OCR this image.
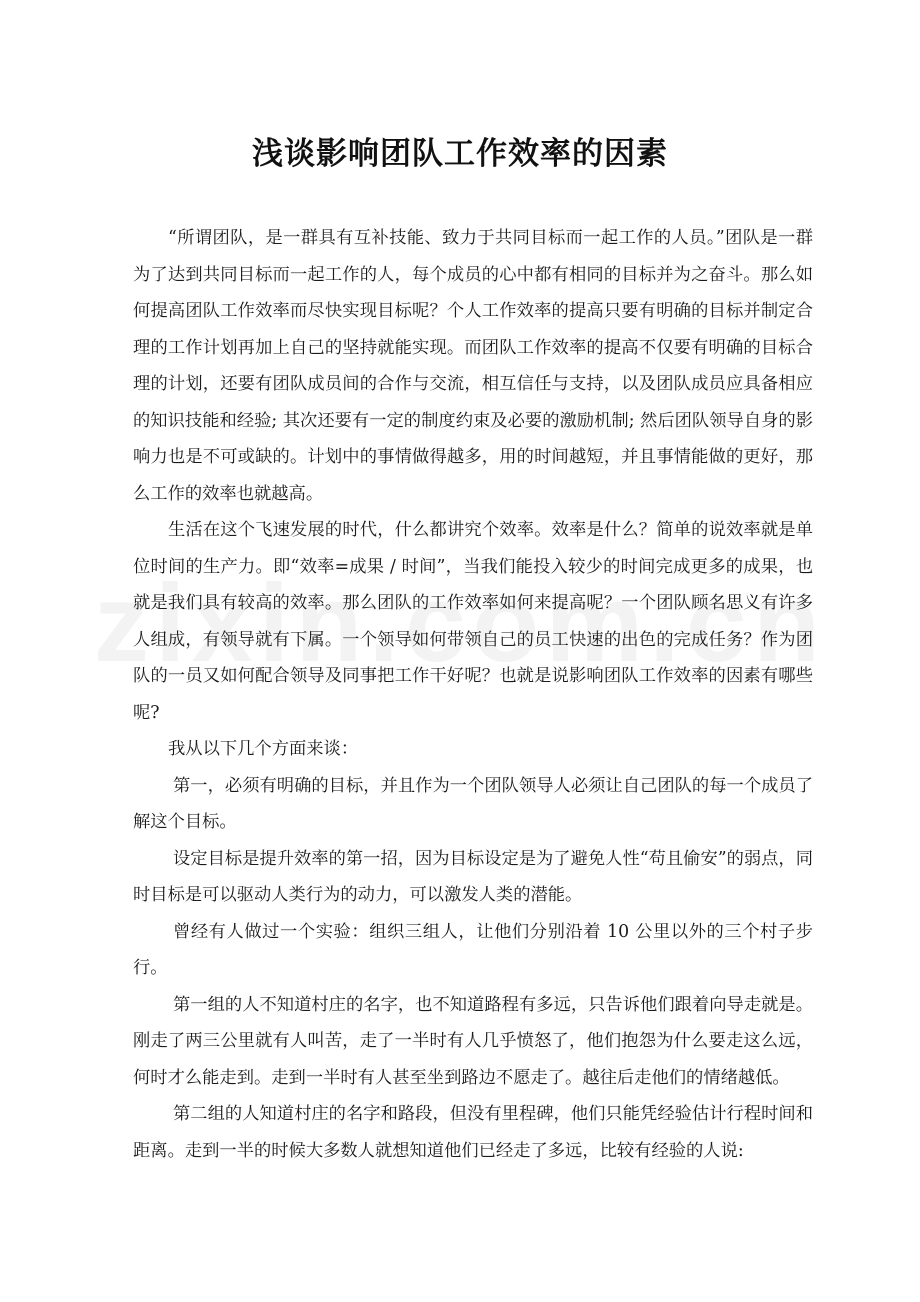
浅谈影响团队工作效率的因素

“所谓团队，是一群具有互补技能、致力于共同目标而一起工作的人员。”团队是一群为了达到共同目标而一起工作的人，每个成员的心中都有相同的目标并为之奋斗。那么如何提高团队工作效率而尽快实现目标呢？个人工作效率的提高只要有明确的目标并制定合理的工作计划再加上自己的坚持就能实现。而团队工作效率的提高不仅要有明确的目标合理的计划，还要有团队成员间的合作与交流，相互信任与支持，以及团队成员应具备相应的知识技能和经验; 其次还要有一定的制度约束及必要的激励机制; 然后团队领导自身的影响力也是不可或缺的。计划中的事情做得越多，用的时间越短，并且事情能做的更好，那么工作的效率也就越高。

生活在这个飞速发展的时代，什么都讲究个效率。效率是什么？简单的说效率就是单位时间的生产力。即“效率=成果 / 时间”，当我们能投入较少的时间完成更多的成果，也就是我们具有较高的效率。那么团队的工作效率如何来提高呢？一个团队顾名思义有许多人组成，有领导就有下属。一个领导如何带领自己的员工快速的出色的完成任务？作为团队的一员又如何配合领导及同事把工作干好呢？也就是说影响团队工作效率的因素有哪些呢?

我从以下几个方面来谈：

第一，必须有明确的目标，并且作为一个团队领导人必须让自己团队的每一个成员了解这个目标。

设定目标是提升效率的第一招，因为目标设定是为了避免人性“苟且偷安”的弱点，同时目标是可以驱动人类行为的动力，可以激发人类的潜能。

曾经有人做过一个实验：组织三组人，让他们分别沿着 10 公里以外的三个村子步行。

第一组的人不知道村庄的名字，也不知道路程有多远，只告诉他们跟着向导走就是。刚走了两三公里就有人叫苦，走了一半时有人几乎愤怒了，他们抱怨为什么要走这么远，何时才么能走到。走到一半时有人甚至坐到路边不愿走了。越往后走他们的情绪越低。

第二组的人知道村庄的名字和路段，但没有里程碑，他们只能凭经验估计行程时间和距离。走到一半的时候大多数人就想知道他们已经走了多远，比较有经验的人说:
